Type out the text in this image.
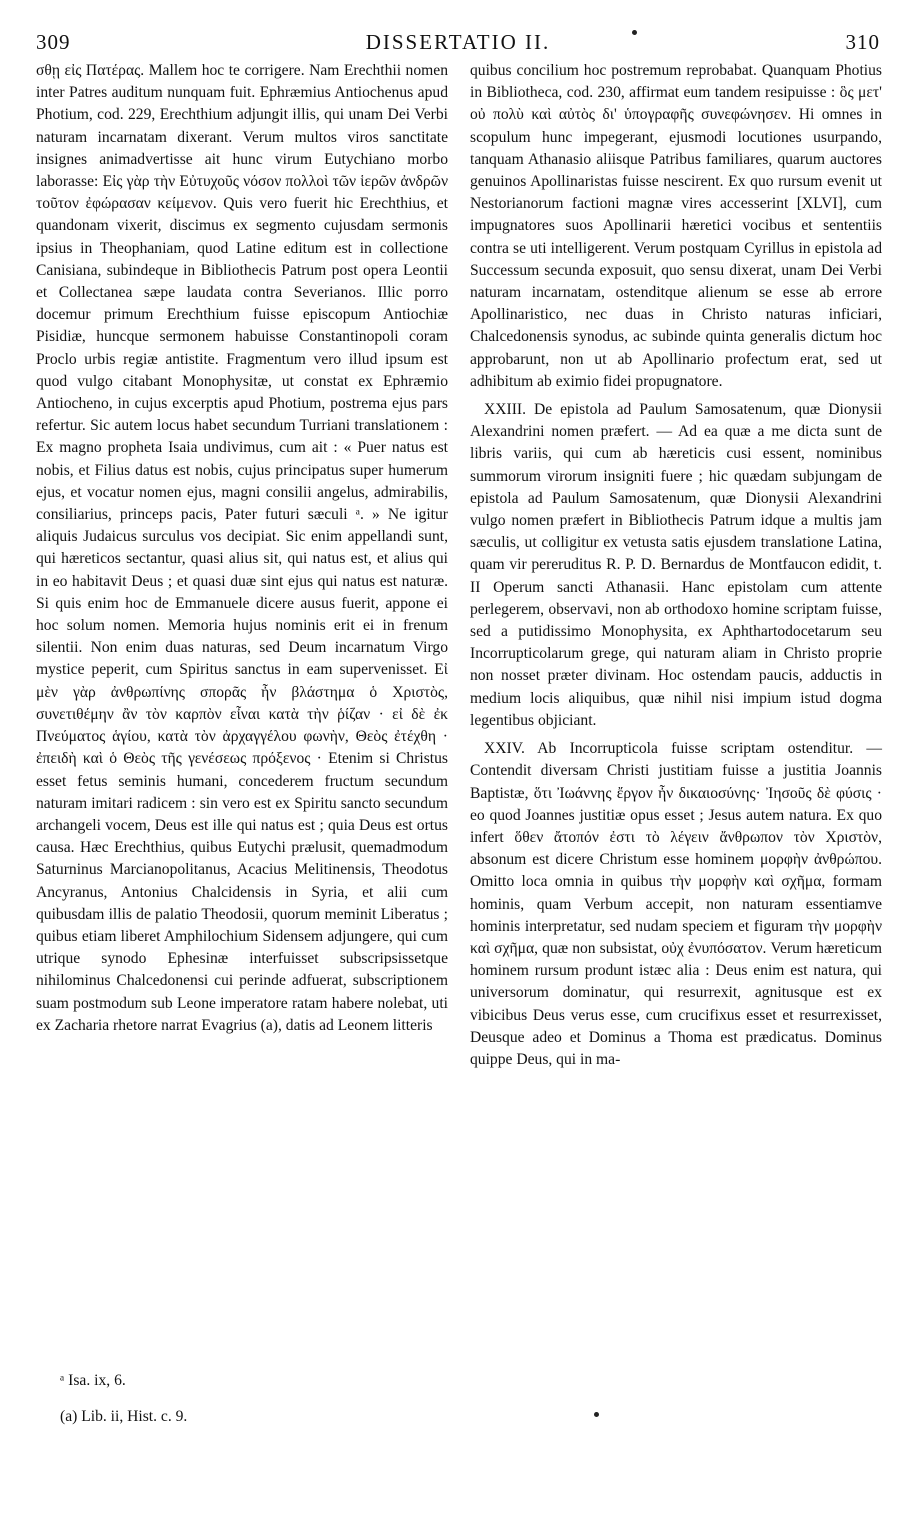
309	DISSERTATIO II.	310

σθῃ εἰς Πατέρας. Mallem hoc te corrigere. Nam Erechthii nomen inter Patres auditum nunquam fuit. Ephræmius Antiochenus apud Photium, cod. 229, Erechthium adjungit illis, qui unam Dei Verbi naturam incarnatam dixerant. Verum multos viros sanctitate insignes animadvertisse ait hunc virum Eutychiano morbo laborasse: Εἰς γὰρ τὴν Εὐτυχοῦς νόσον πολλοὶ τῶν ἱερῶν ἀνδρῶν τοῦτον ἐφώρασαν κείμενον. Quis vero fuerit hic Erechthius, et quandonam vixerit, discimus ex segmento cujusdam sermonis ipsius in Theophaniam, quod Latine editum est in collectione Canisiana, subindeque in Bibliothecis Patrum post opera Leontii et Collectanea sæpe laudata contra Severianos. Illic porro docemur primum Erechthium fuisse episcopum Antiochiæ Pisidiæ, huncque sermonem habuisse Constantinopoli coram Proclo urbis regiæ antistite. Fragmentum vero illud ipsum est quod vulgo citabant Monophysitæ, ut constat ex Ephræmio Antiocheno, in cujus excerptis apud Photium, postrema ejus pars refertur. Sic autem locus habet secundum Turriani translationem : Ex magno propheta Isaia undivimus, cum ait : « Puer natus est nobis, et Filius datus est nobis, cujus principatus super humerum ejus, et vocatur nomen ejus, magni consilii angelus, admirabilis, consiliarius, princeps pacis, Pater futuri sæculi ᵃ. » Ne igitur aliquis Judaicus surculus vos decipiat. Sic enim appellandi sunt, qui hæreticos sectantur, quasi alius sit, qui natus est, et alius qui in eo habitavit Deus ; et quasi duæ sint ejus qui natus est naturæ. Si quis enim hoc de Emmanuele dicere ausus fuerit, appone ei hoc solum nomen. Memoria hujus nominis erit ei in frenum silentii. Non enim duas naturas, sed Deum incarnatum Virgo mystice peperit, cum Spiritus sanctus in eam supervenisset. Εἰ μὲν γὰρ ἀνθρωπίνης σπορᾶς ἦν βλάστημα ὁ Χριστὸς, συνετιθέμην ἂν τὸν καρπὸν εἶναι κατὰ τὴν ῥίζαν · εἰ δὲ ἐκ Πνεύματος ἁγίου, κατὰ τὸν ἀρχαγγέλου φωνὴν, Θεὸς ἐτέχθη · ἐπειδὴ καὶ ὁ Θεὸς τῆς γενέσεως πρόξενος · Etenim si Christus esset fetus seminis humani, concederem fructum secundum naturam imitari radicem : sin vero est ex Spiritu sancto secundum archangeli vocem, Deus est ille qui natus est ; quia Deus est ortus causa. Hæc Erechthius, quibus Eutychi prælusit, quemadmodum Saturninus Marcianopolitanus, Acacius Melitinensis, Theodotus Ancyranus, Antonius Chalcidensis in Syria, et alii cum quibusdam illis de palatio Theodosii, quorum meminit Liberatus ; quibus etiam liberet Amphilochium Sidensem adjungere, qui cum utrique synodo Ephesinæ interfuisset subscripsissetque nihilominus Chalcedonensi cui perinde adfuerat, subscriptionem suam postmodum sub Leone imperatore ratam habere nolebat, uti ex Zacharia rhetore narrat Evagrius (a), datis ad Leonem litteris

quibus concilium hoc postremum reprobabat. Quanquam Photius in Bibliotheca, cod. 230, affirmat eum tandem resipuisse : ὃς μετ' οὐ πολὺ καὶ αὐτὸς δι' ὑπογραφῆς συνεφώνησεν. Hi omnes in scopulum hunc impegerant, ejusmodi locutiones usurpando, tanquam Athanasio aliisque Patribus familiares, quarum auctores genuinos Apollinaristas fuisse nescirent. Ex quo rursum evenit ut Nestorianorum factioni magnæ vires accesserint [XLVI], cum impugnatores suos Apollinarii hæretici vocibus et sententiis contra se uti intelligerent. Verum postquam Cyrillus in epistola ad Successum secunda exposuit, quo sensu dixerat, unam Dei Verbi naturam incarnatam, ostenditque alienum se esse ab errore Apollinaristico, nec duas in Christo naturas inficiari, Chalcedonensis synodus, ac subinde quinta generalis dictum hoc approbarunt, non ut ab Apollinario profectum erat, sed ut adhibitum ab eximio fidei propugnatore.

XXIII. De epistola ad Paulum Samosatenum, quæ Dionysii Alexandrini nomen præfert. — Ad ea quæ a me dicta sunt de libris variis, qui cum ab hæreticis cusi essent, nominibus summorum virorum insigniti fuere ; hic quædam subjungam de epistola ad Paulum Samosatenum, quæ Dionysii Alexandrini vulgo nomen præfert in Bibliothecis Patrum idque a multis jam sæculis, ut colligitur ex vetusta satis ejusdem translatione Latina, quam vir pereruditus R. P. D. Bernardus de Montfaucon edidit, t. II Operum sancti Athanasii. Hanc epistolam cum attente perlegerem, observavi, non ab orthodoxo homine scriptam fuisse, sed a putidissimo Monophysita, ex Aphthartodocetarum seu Incorrupticolarum grege, qui naturam aliam in Christo proprie non nosset præter divinam. Hoc ostendam paucis, adductis in medium locis aliquibus, quæ nihil nisi impium istud dogma legentibus objiciant.

XXIV. Ab Incorrupticola fuisse scriptam ostenditur. — Contendit diversam Christi justitiam fuisse a justitia Joannis Baptistæ, ὅτι Ἰωάννης ἔργον ἦν δικαιοσύνης· Ἰησοῦς δὲ φύσις · eo quod Joannes justitiæ opus esset ; Jesus autem natura. Ex quo infert ὅθεν ἄτοπόν ἐστι τὸ λέγειν ἄνθρωπον τὸν Χριστὸν, absonum est dicere Christum esse hominem μορφὴν ἀνθρώπου. Omitto loca omnia in quibus τὴν μορφὴν καὶ σχῆμα, formam hominis, quam Verbum accepit, non naturam essentiamve hominis interpretatur, sed nudam speciem et figuram τὴν μορφὴν καὶ σχῆμα, quæ non subsistat, οὐχ ἐνυπόσατον. Verum hæreticum hominem rursum produnt istæc alia : Deus enim est natura, qui universorum dominatur, qui resurrexit, agnitusque est ex vibicibus Deus verus esse, cum crucifixus esset et resurrexisset, Deusque adeo et Dominus a Thoma est prædicatus. Dominus quippe Deus, qui in ma-

ᵃ Isa. ix, 6.
(a) Lib. ii, Hist. c. 9.
